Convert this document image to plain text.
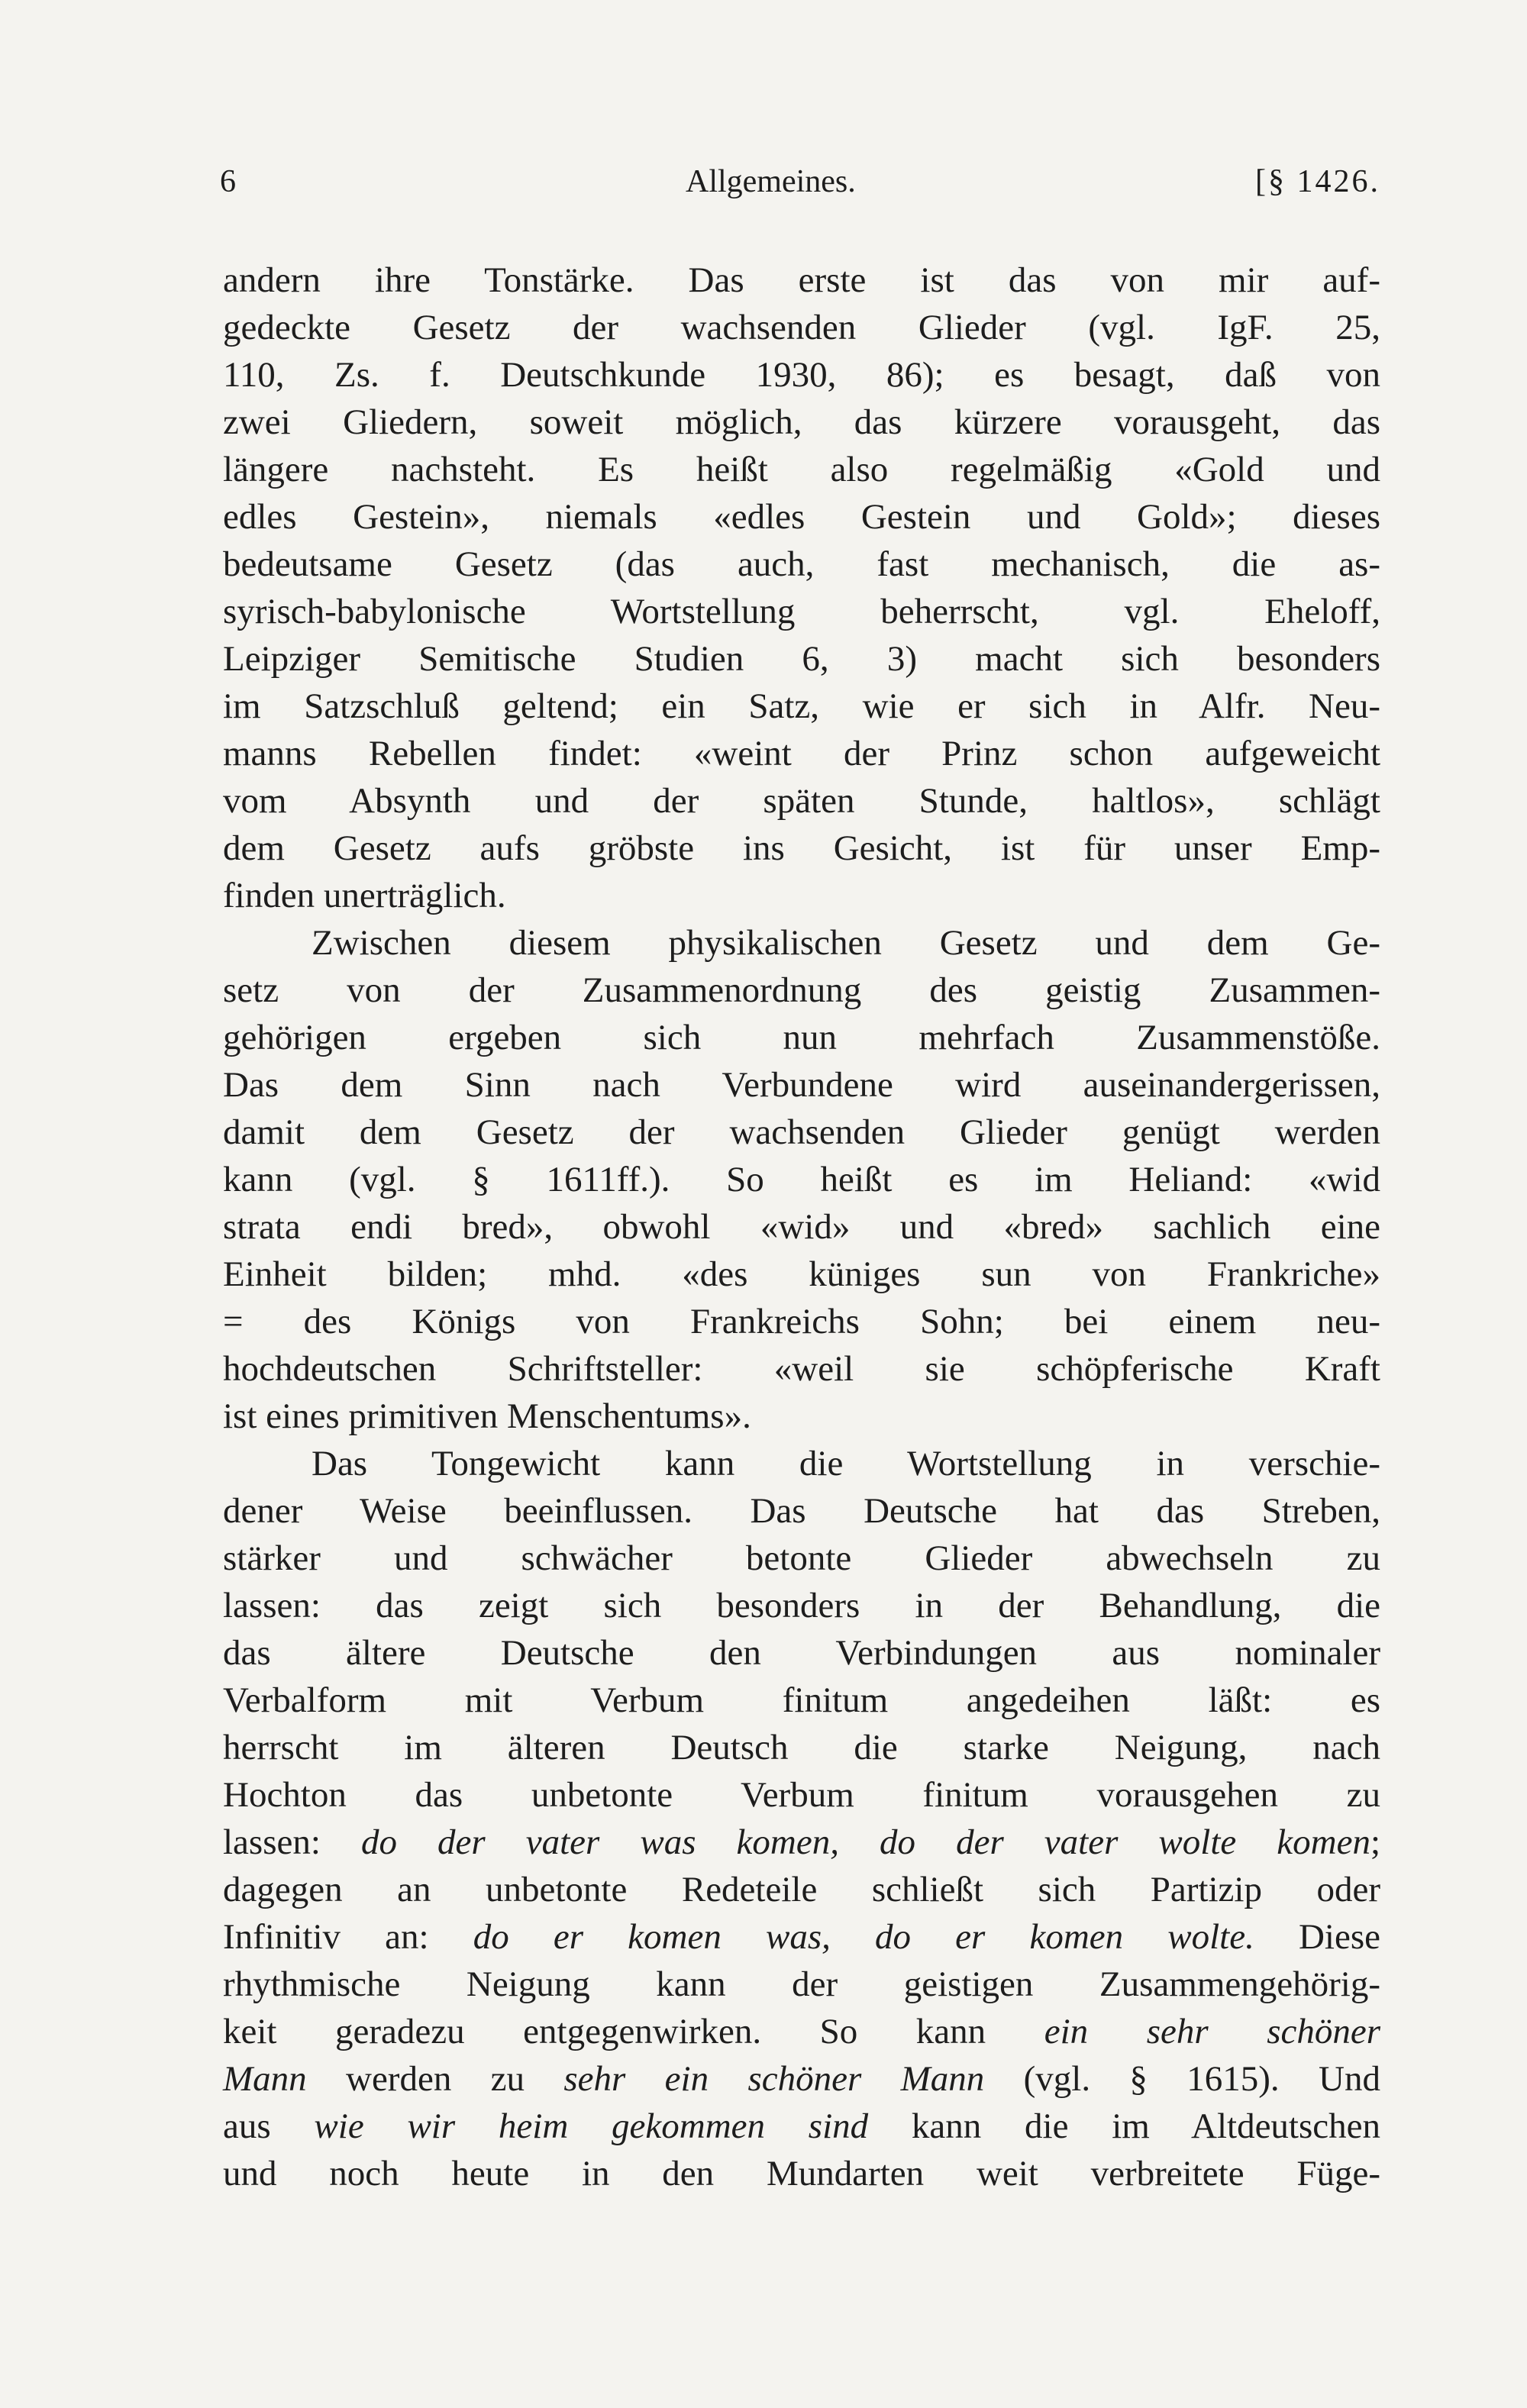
6	Allgemeines.	[§ 1426.
andern ihre Tonstärke. Das erste ist das von mir auf-
gedeckte Gesetz der wachsenden Glieder (vgl. IgF. 25,
110, Zs. f. Deutschkunde 1930, 86); es besagt, daß von
zwei Gliedern, soweit möglich, das kürzere vorausgeht, das
längere nachsteht. Es heißt also regelmäßig «Gold und
edles Gestein», niemals «edles Gestein und Gold»; dieses
bedeutsame Gesetz (das auch, fast mechanisch, die as-
syrisch-babylonische Wortstellung beherrscht, vgl. Eheloff,
Leipziger Semitische Studien 6, 3) macht sich besonders
im Satzschluß geltend; ein Satz, wie er sich in Alfr. Neu-
manns Rebellen findet: «weint der Prinz schon aufgeweicht
vom Absynth und der späten Stunde, haltlos», schlägt
dem Gesetz aufs gröbste ins Gesicht, ist für unser Emp-
finden unerträglich.
Zwischen diesem physikalischen Gesetz und dem Ge-
setz von der Zusammenordnung des geistig Zusammen-
gehörigen ergeben sich nun mehrfach Zusammenstöße.
Das dem Sinn nach Verbundene wird auseinandergerissen,
damit dem Gesetz der wachsenden Glieder genügt werden
kann (vgl. § 1611ff.). So heißt es im Heliand: «wid
strata endi bred», obwohl «wid» und «bred» sachlich eine
Einheit bilden; mhd. «des küniges sun von Frankriche»
= des Königs von Frankreichs Sohn; bei einem neu-
hochdeutschen Schriftsteller: «weil sie schöpferische Kraft
ist eines primitiven Menschentums».
Das Tongewicht kann die Wortstellung in verschie-
dener Weise beeinflussen. Das Deutsche hat das Streben,
stärker und schwächer betonte Glieder abwechseln zu
lassen: das zeigt sich besonders in der Behandlung, die
das ältere Deutsche den Verbindungen aus nominaler
Verbalform mit Verbum finitum angedeihen läßt: es
herrscht im älteren Deutsch die starke Neigung, nach
Hochton das unbetonte Verbum finitum vorausgehen zu
lassen: do der vater was komen, do der vater wolte komen;
dagegen an unbetonte Redeteile schließt sich Partizip oder
Infinitiv an: do er komen was, do er komen wolte. Diese
rhythmische Neigung kann der geistigen Zusammengehörig-
keit geradezu entgegenwirken. So kann ein sehr schöner
Mann werden zu sehr ein schöner Mann (vgl. § 1615). Und
aus wie wir heim gekommen sind kann die im Altdeutschen
und noch heute in den Mundarten weit verbreitete Füge-
